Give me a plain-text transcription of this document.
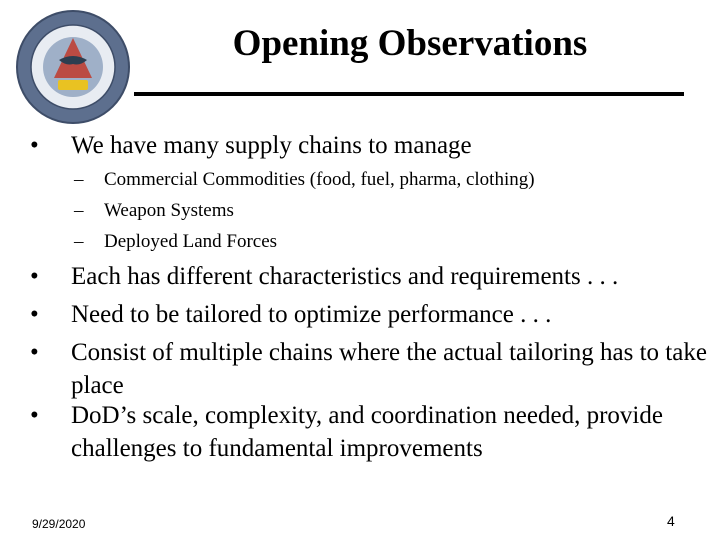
Opening Observations
• We have many supply chains to manage
– Commercial Commodities (food, fuel, pharma, clothing)
– Weapon Systems
– Deployed Land Forces
• Each has different characteristics and requirements . . .
• Need to be tailored to optimize performance . . .
• Consist of multiple chains where the actual tailoring has to take place
• DoD’s scale, complexity, and coordination needed, provide challenges to fundamental improvements
9/29/2020	4
